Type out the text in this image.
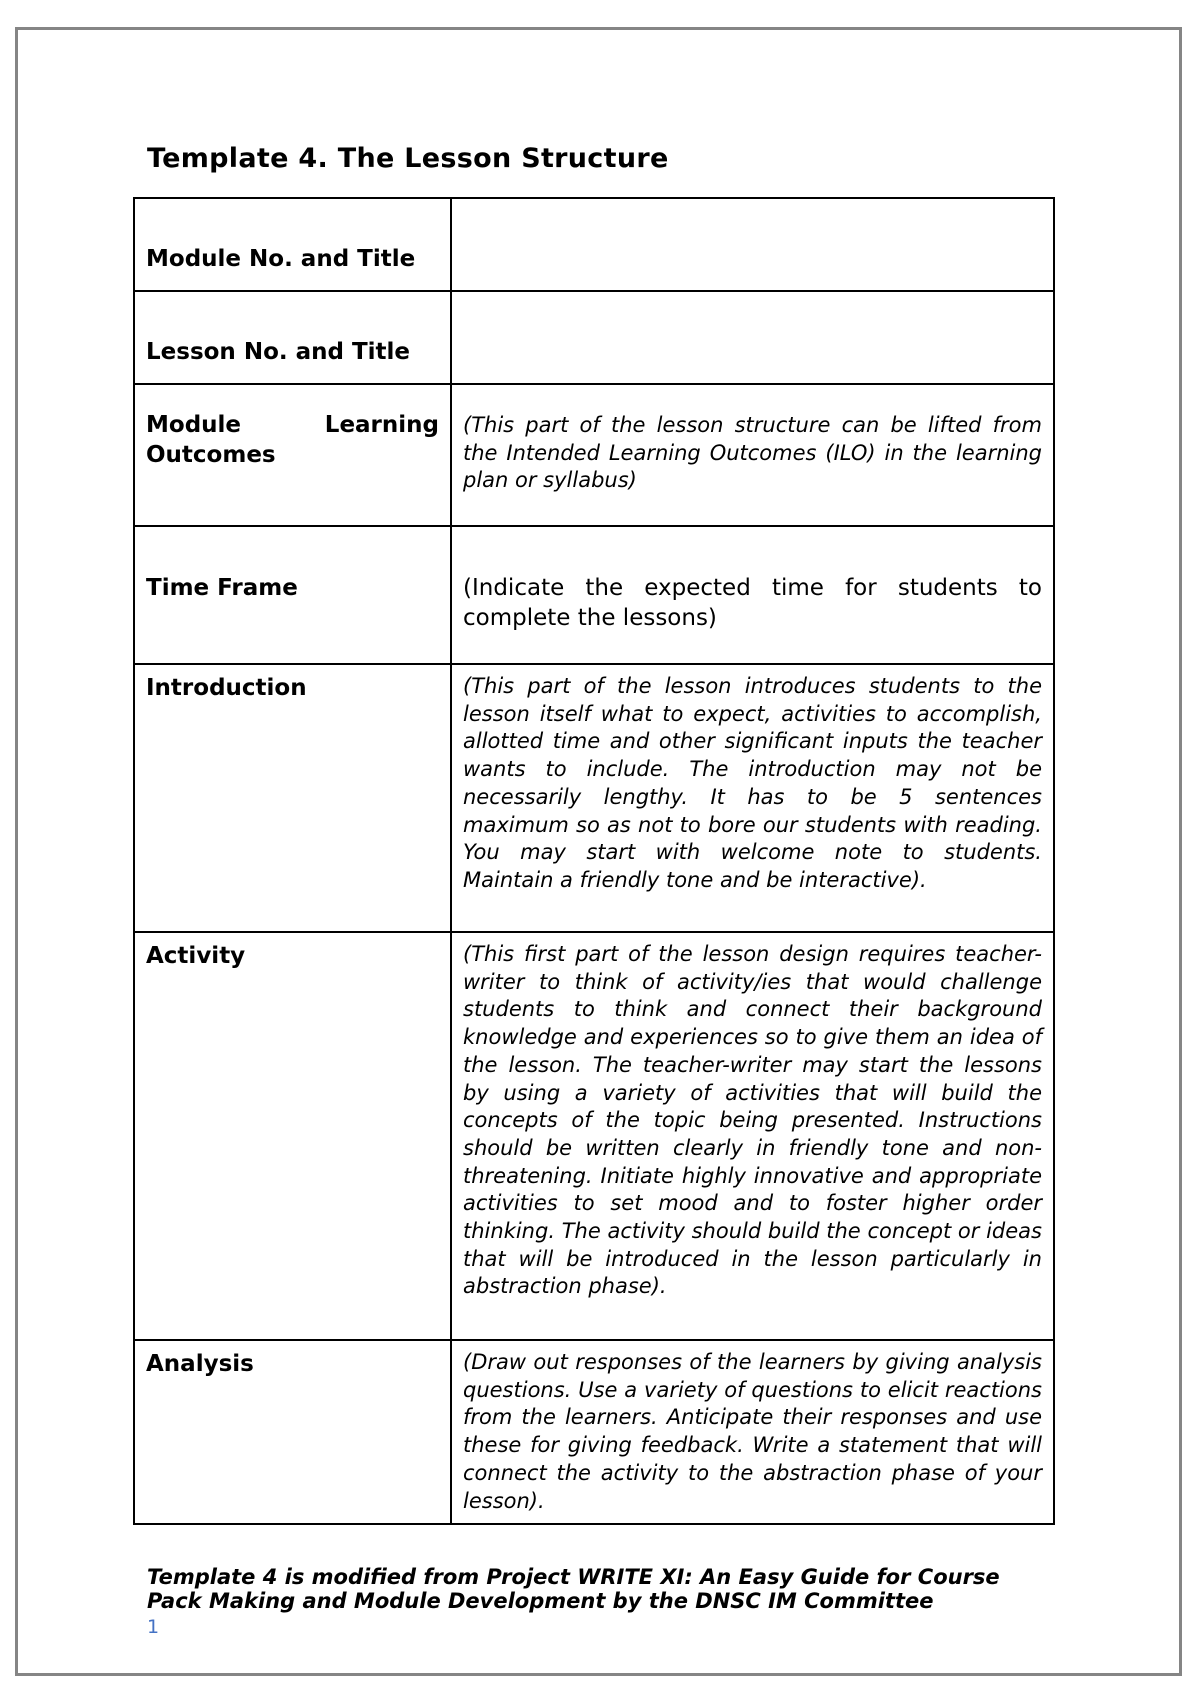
Template 4. The Lesson Structure
Module No. and Title	
Lesson No. and Title	
Module Learning Outcomes	(This part of the lesson structure can be lifted from the Intended Learning Outcomes (ILO) in the learning plan or syllabus)
Time Frame	(Indicate the expected time for students to complete the lessons)
Introduction	(This part of the lesson introduces students to the lesson itself what to expect, activities to accomplish, allotted time and other significant inputs the teacher wants to include. The introduction may not be necessarily lengthy. It has to be 5 sentences maximum so as not to bore our students with reading. You may start with welcome note to students. Maintain a friendly tone and be interactive).
Activity	(This first part of the lesson design requires teacher-writer to think of activity/ies that would challenge students to think and connect their background knowledge and experiences so to give them an idea of the lesson. The teacher-writer may start the lessons by using a variety of activities that will build the concepts of the topic being presented. Instructions should be written clearly in friendly tone and non-threatening. Initiate highly innovative and appropriate activities to set mood and to foster higher order thinking. The activity should build the concept or ideas that will be introduced in the lesson particularly in abstraction phase).
Analysis	(Draw out responses of the learners by giving analysis questions. Use a variety of questions to elicit reactions from the learners. Anticipate their responses and use these for giving feedback. Write a statement that will connect the activity to the abstraction phase of your lesson).
Template 4 is modified from Project WRITE XI: An Easy Guide for Course Pack Making and Module Development by the DNSC IM Committee
1
